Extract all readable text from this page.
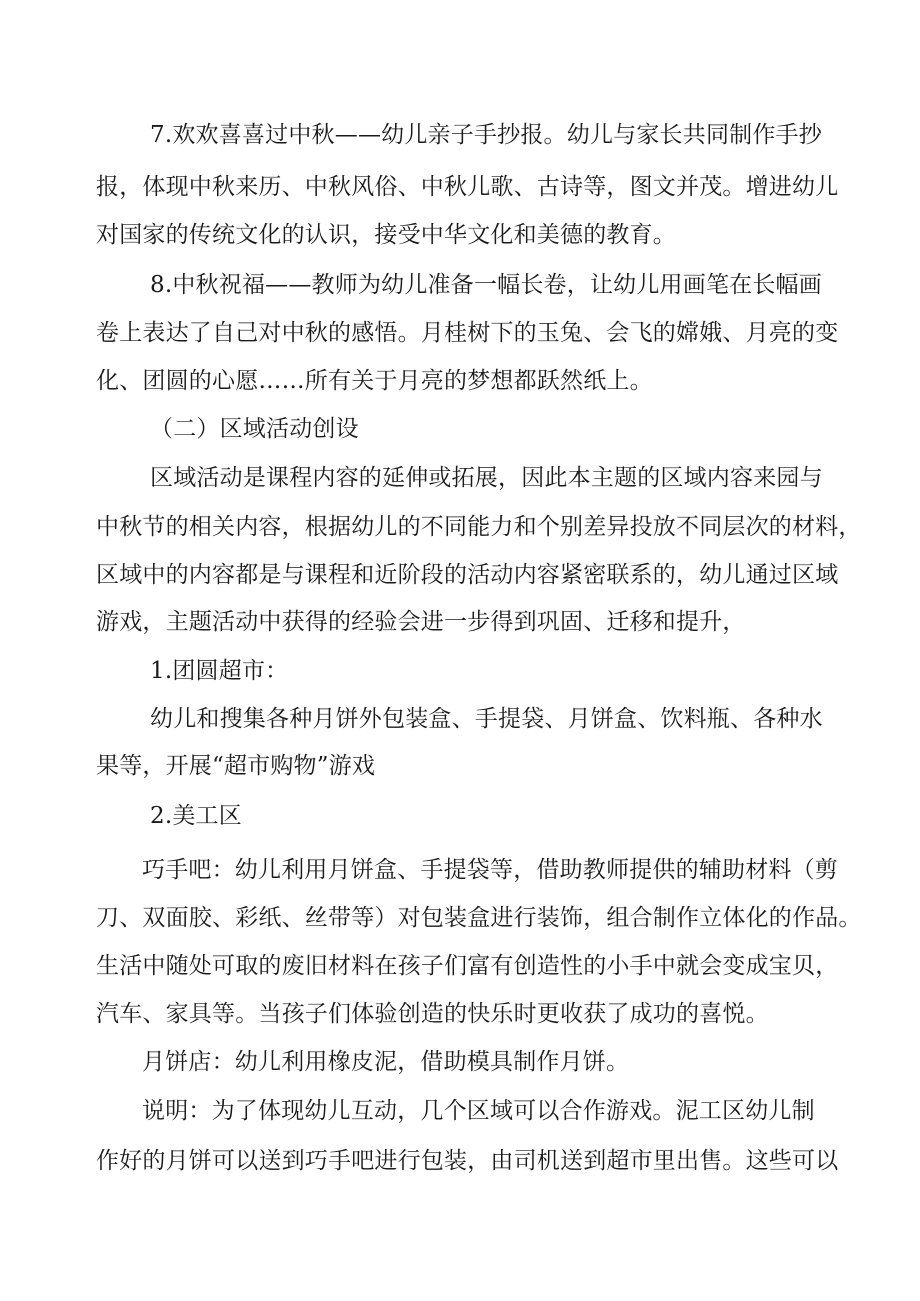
7.欢欢喜喜过中秋——幼儿亲子手抄报。幼儿与家长共同制作手抄
报，体现中秋来历、中秋风俗、中秋儿歌、古诗等，图文并茂。增进幼儿
对国家的传统文化的认识，接受中华文化和美德的教育。
8.中秋祝福——教师为幼儿准备一幅长卷，让幼儿用画笔在长幅画
卷上表达了自己对中秋的感悟。月桂树下的玉兔、会飞的嫦娥、月亮的变
化、团圆的心愿……所有关于月亮的梦想都跃然纸上。
（二）区域活动创设
区域活动是课程内容的延伸或拓展，因此本主题的区域内容来园与
中秋节的相关内容，根据幼儿的不同能力和个别差异投放不同层次的材料，
区域中的内容都是与课程和近阶段的活动内容紧密联系的，幼儿通过区域
游戏，主题活动中获得的经验会进一步得到巩固、迁移和提升，
1.团圆超市：
幼儿和搜集各种月饼外包装盒、手提袋、月饼盒、饮料瓶、各种水
果等，开展“超市购物”游戏
2.美工区
巧手吧：幼儿利用月饼盒、手提袋等，借助教师提供的辅助材料（剪
刀、双面胶、彩纸、丝带等）对包装盒进行装饰，组合制作立体化的作品。
生活中随处可取的废旧材料在孩子们富有创造性的小手中就会变成宝贝，
汽车、家具等。当孩子们体验创造的快乐时更收获了成功的喜悦。
月饼店：幼儿利用橡皮泥，借助模具制作月饼。
说明：为了体现幼儿互动，几个区域可以合作游戏。泥工区幼儿制
作好的月饼可以送到巧手吧进行包装，由司机送到超市里出售。这些可以
